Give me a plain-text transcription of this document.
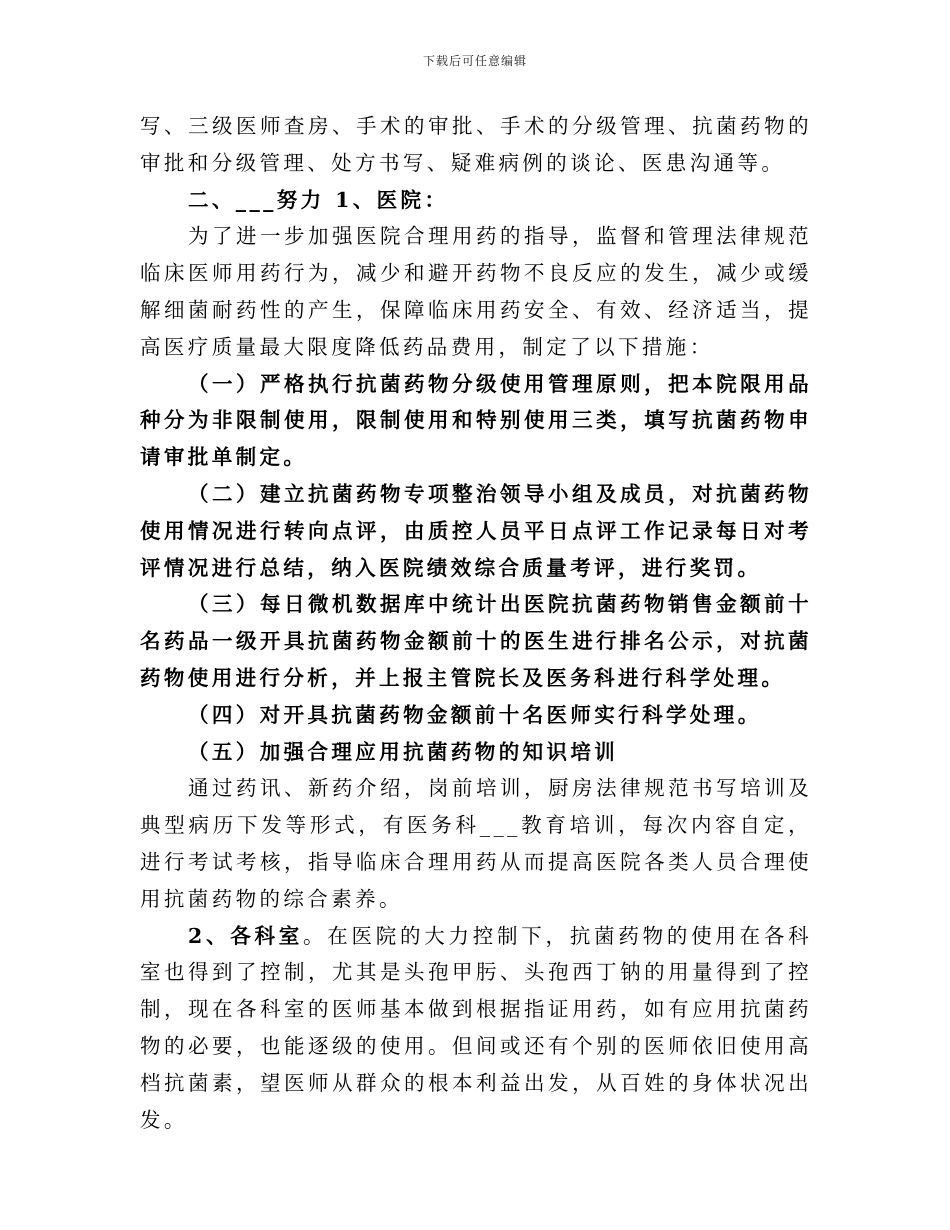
下载后可任意编辑

写、三级医师查房、手术的审批、手术的分级管理、抗菌药物的审批和分级管理、处方书写、疑难病例的谈论、医患沟通等。

二、___努力 1、医院：

为了进一步加强医院合理用药的指导，监督和管理法律规范临床医师用药行为，减少和避开药物不良反应的发生，减少或缓解细菌耐药性的产生，保障临床用药安全、有效、经济适当，提高医疗质量最大限度降低药品费用，制定了以下措施：

（一）严格执行抗菌药物分级使用管理原则，把本院限用品种分为非限制使用，限制使用和特别使用三类，填写抗菌药物申请审批单制定。

（二）建立抗菌药物专项整治领导小组及成员，对抗菌药物使用情况进行转向点评，由质控人员平日点评工作记录每日对考评情况进行总结，纳入医院绩效综合质量考评，进行奖罚。

（三）每日微机数据库中统计出医院抗菌药物销售金额前十名药品一级开具抗菌药物金额前十的医生进行排名公示，对抗菌药物使用进行分析，并上报主管院长及医务科进行科学处理。

（四）对开具抗菌药物金额前十名医师实行科学处理。

（五）加强合理应用抗菌药物的知识培训

通过药讯、新药介绍，岗前培训，厨房法律规范书写培训及典型病历下发等形式，有医务科___教育培训，每次内容自定，进行考试考核，指导临床合理用药从而提高医院各类人员合理使用抗菌药物的综合素养。

2、各科室。在医院的大力控制下，抗菌药物的使用在各科室也得到了控制，尤其是头孢甲肟、头孢西丁钠的用量得到了控制，现在各科室的医师基本做到根据指证用药，如有应用抗菌药物的必要，也能逐级的使用。但间或还有个别的医师依旧使用高档抗菌素，望医师从群众的根本利益出发，从百姓的身体状况出发。
